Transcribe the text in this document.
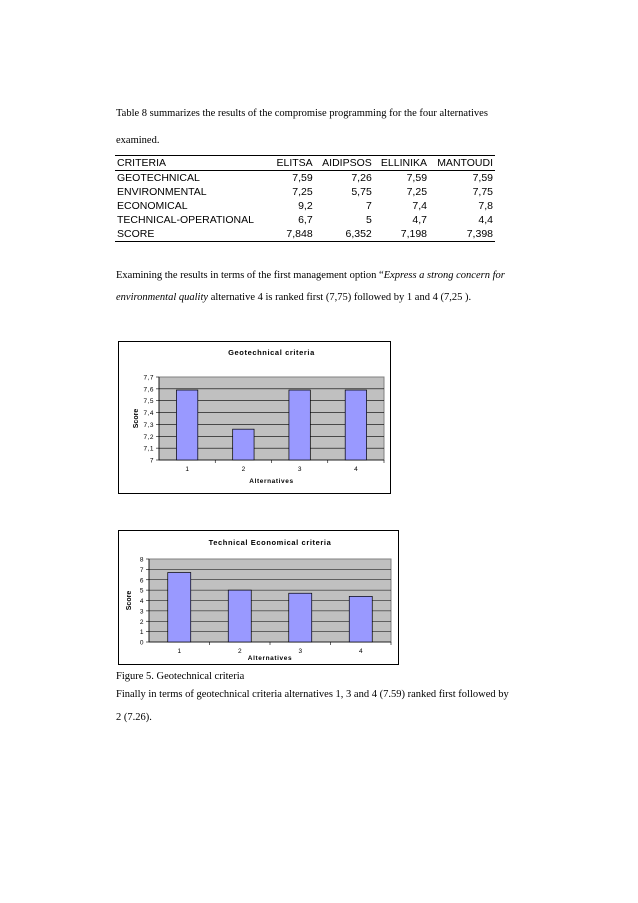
Table 8 summarizes the results of the compromise programming for the four alternatives
examined.
CRITERIA	ELITSA	AIDIPSOS	ELLINIKA	MANTOUDI
GEOTECHNICAL	7,59	7,26	7,59	7,59
ENVIRONMENTAL	7,25	5,75	7,25	7,75
ECONOMICAL	9,2	7	7,4	7,8
TECHNICAL-OPERATIONAL	6,7	5	4,7	4,4
SCORE	7,848	6,352	7,198	7,398
Examining the results in terms of the first management option “Express a strong concern for
environmental quality alternative 4 is ranked first (7,75) followed by 1 and 4 (7,25 ).
Geotechnical criteria
7
7,1
7,2
7,3
7,4
7,5
7,6
7,7
1	2	3	4
Alternatives
Score
Technical Economical criteria
0
1
2
3
4
5
6
7
8
1	2	3	4
Alternatives
Score
Figure 5. Geotechnical criteria
Finally in terms of geotechnical criteria alternatives 1, 3 and 4 (7.59) ranked first followed by
2 (7.26).
